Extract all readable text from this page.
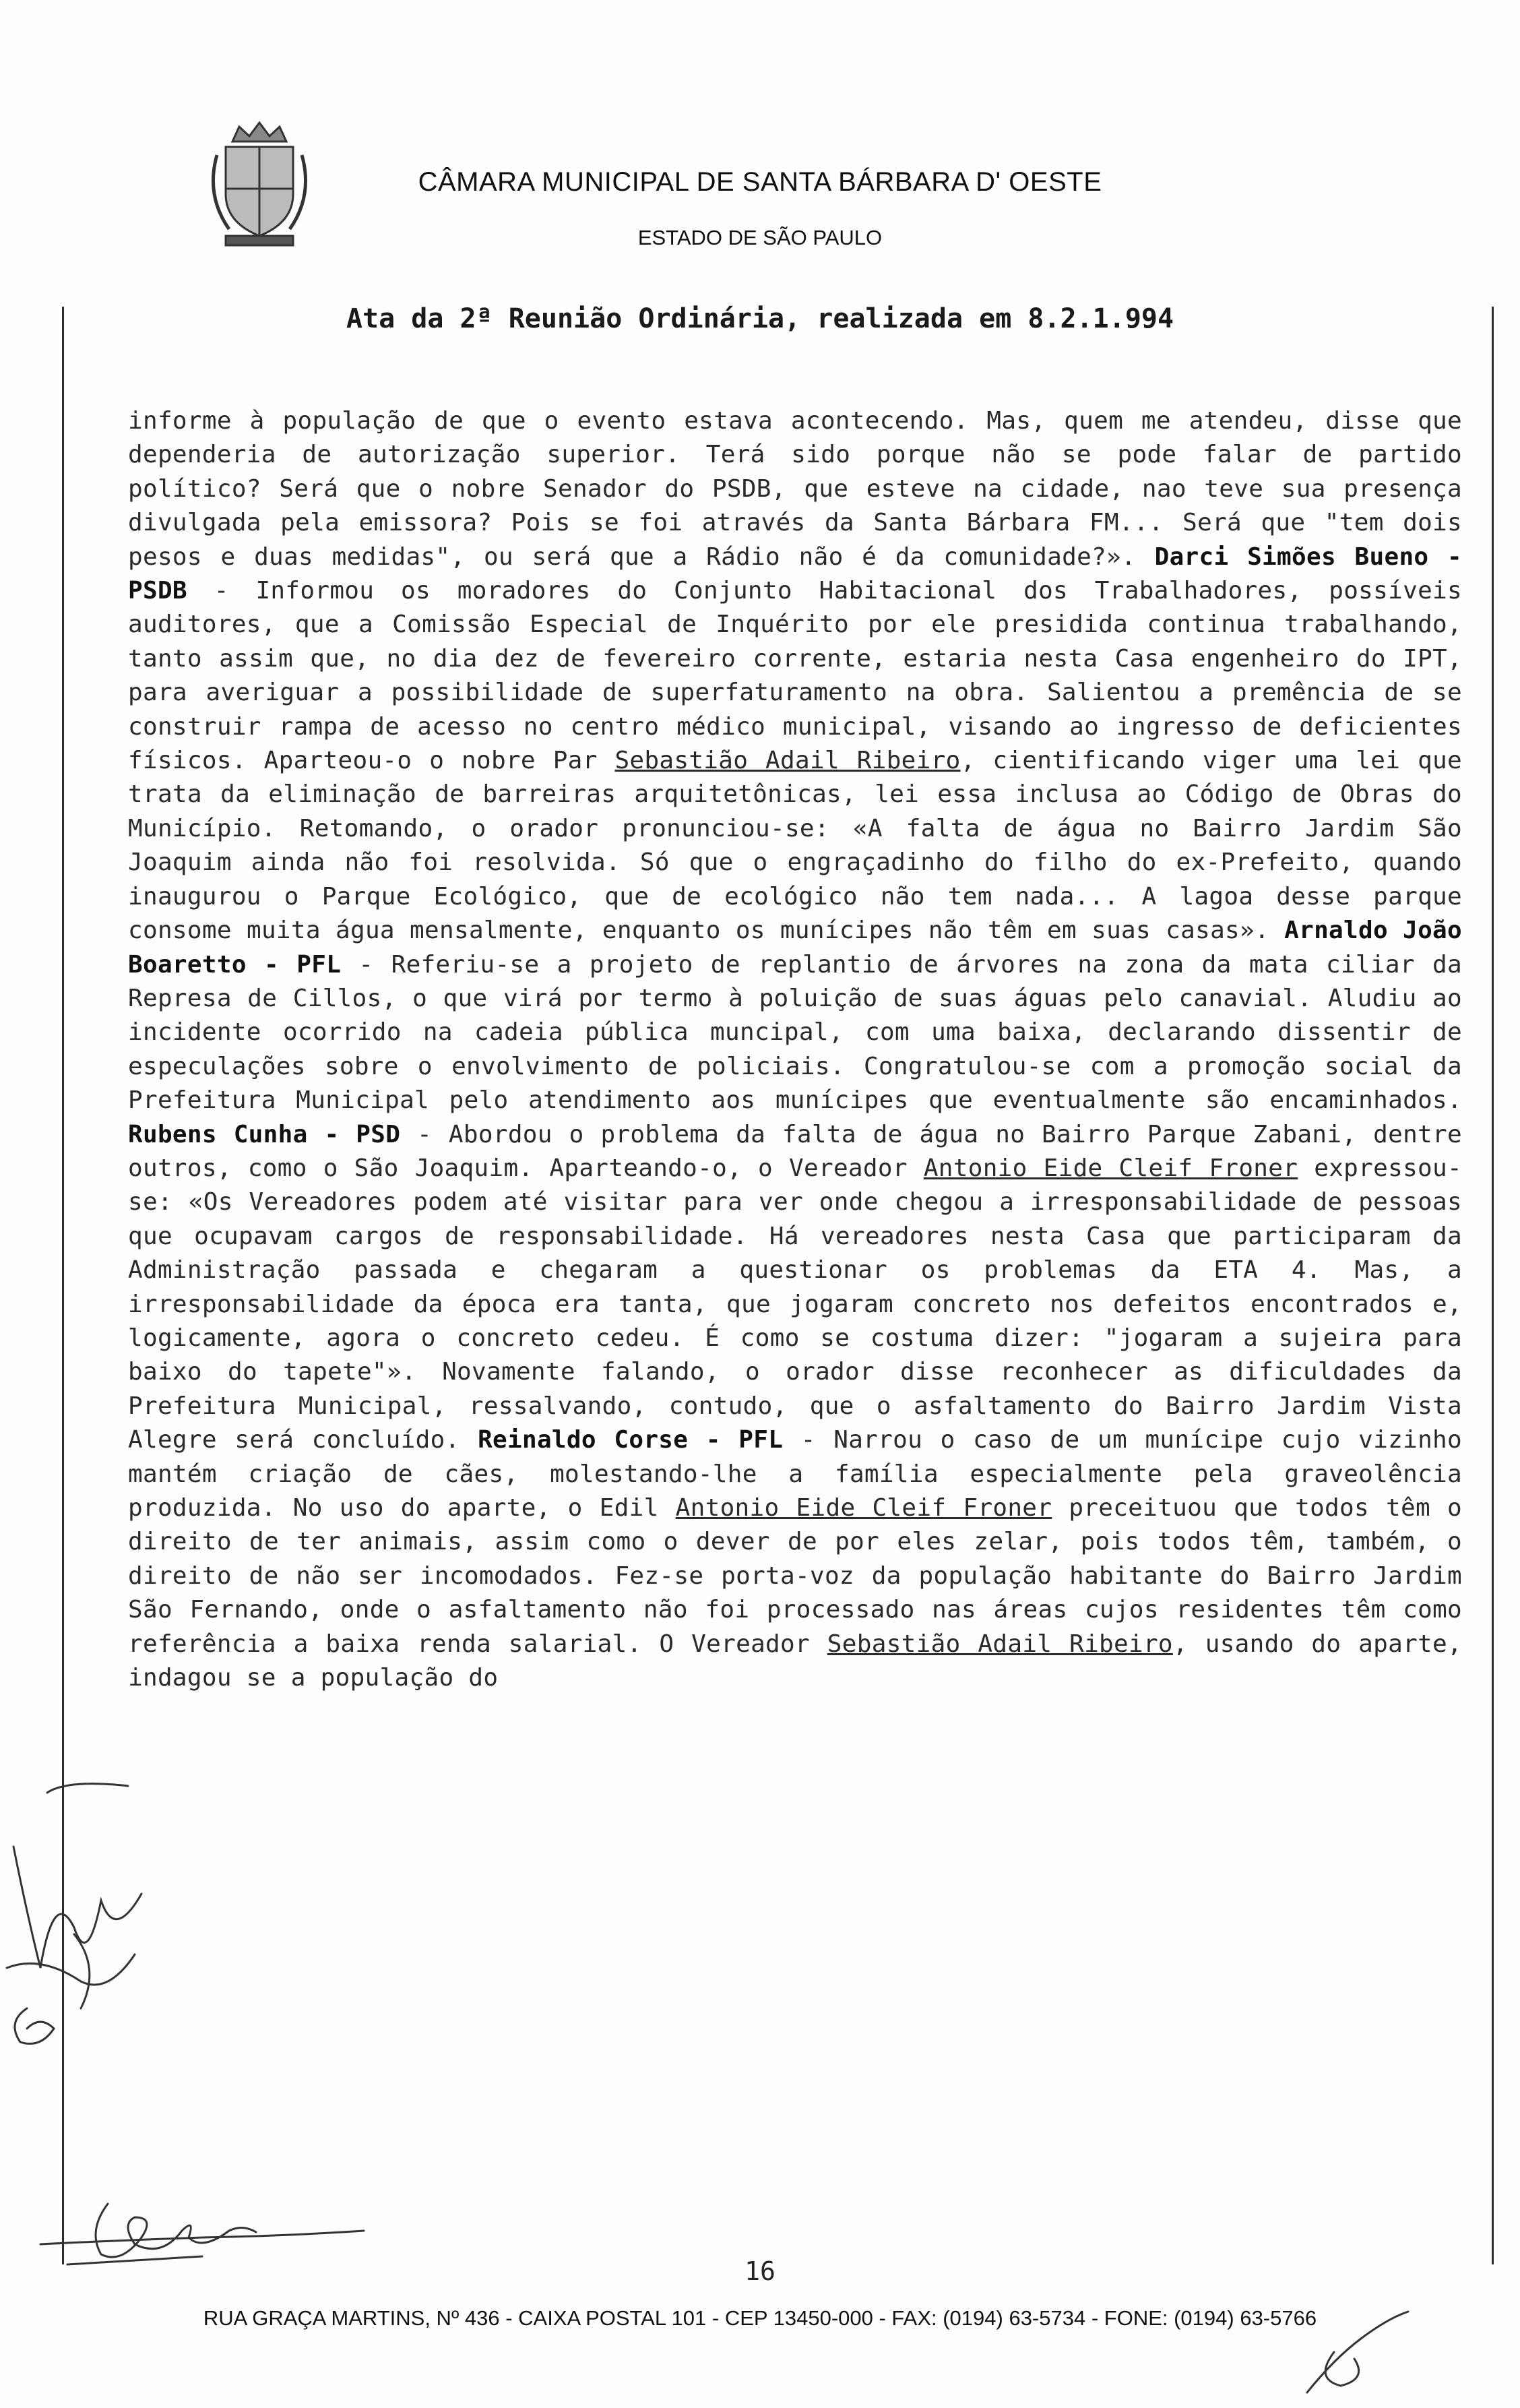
CÂMARA MUNICIPAL DE SANTA BÁRBARA D' OESTE
ESTADO DE SÃO PAULO
Ata da 2ª Reunião Ordinária, realizada em 8.2.1.994
informe à população de que o evento estava acontecendo. Mas, quem me atendeu, disse que dependeria de autorização superior. Terá sido porque não se pode falar de partido político? Será que o nobre Senador do PSDB, que esteve na cidade, nao teve sua presença divulgada pela emissora? Pois se foi através da Santa Bárbara FM... Será que "tem dois pesos e duas medidas", ou será que a Rádio não é da comunidade?». Darci Simões Bueno - PSDB - Informou os moradores do Conjunto Habitacional dos Trabalhadores, possíveis auditores, que a Comissão Especial de Inquérito por ele presidida continua trabalhando, tanto assim que, no dia dez de fevereiro corrente, estaria nesta Casa engenheiro do IPT, para averiguar a possibilidade de superfaturamento na obra. Salientou a premência de se construir rampa de acesso no centro médico municipal, visando ao ingresso de deficientes físicos. Aparteou-o o nobre Par Sebastião Adail Ribeiro, cientificando viger uma lei que trata da eliminação de barreiras arquitetônicas, lei essa inclusa ao Código de Obras do Município. Retomando, o orador pronunciou-se: «A falta de água no Bairro Jardim São Joaquim ainda não foi resolvida. Só que o engraçadinho do filho do ex-Prefeito, quando inaugurou o Parque Ecológico, que de ecológico não tem nada... A lagoa desse parque consome muita água mensalmente, enquanto os munícipes não têm em suas casas». Arnaldo João Boaretto - PFL - Referiu-se a projeto de replantio de árvores na zona da mata ciliar da Represa de Cillos, o que virá por termo à poluição de suas águas pelo canavial. Aludiu ao incidente ocorrido na cadeia pública muncipal, com uma baixa, declarando dissentir de especulações sobre o envolvimento de policiais. Congratulou-se com a promoção social da Prefeitura Municipal pelo atendimento aos munícipes que eventualmente são encaminhados. Rubens Cunha - PSD - Abordou o problema da falta de água no Bairro Parque Zabani, dentre outros, como o São Joaquim. Aparteando-o, o Vereador Antonio Eide Cleif Froner expressou-se: «Os Vereadores podem até visitar para ver onde chegou a irresponsabilidade de pessoas que ocupavam cargos de responsabilidade. Há vereadores nesta Casa que participaram da Administração passada e chegaram a questionar os problemas da ETA 4. Mas, a irresponsabilidade da época era tanta, que jogaram concreto nos defeitos encontrados e, logicamente, agora o concreto cedeu. É como se costuma dizer: "jogaram a sujeira para baixo do tapete"». Novamente falando, o orador disse reconhecer as dificuldades da Prefeitura Municipal, ressalvando, contudo, que o asfaltamento do Bairro Jardim Vista Alegre será concluído. Reinaldo Corse - PFL - Narrou o caso de um munícipe cujo vizinho mantém criação de cães, molestando-lhe a família especialmente pela graveolência produzida. No uso do aparte, o Edil Antonio Eide Cleif Froner preceituou que todos têm o direito de ter animais, assim como o dever de por eles zelar, pois todos têm, também, o direito de não ser incomodados. Fez-se porta-voz da população habitante do Bairro Jardim São Fernando, onde o asfaltamento não foi processado nas áreas cujos residentes têm como referência a baixa renda salarial. O Vereador Sebastião Adail Ribeiro, usando do aparte, indagou se a população do
16
RUA GRAÇA MARTINS, Nº 436 - CAIXA POSTAL 101 - CEP 13450-000 - FAX: (0194) 63-5734 - FONE: (0194) 63-5766
